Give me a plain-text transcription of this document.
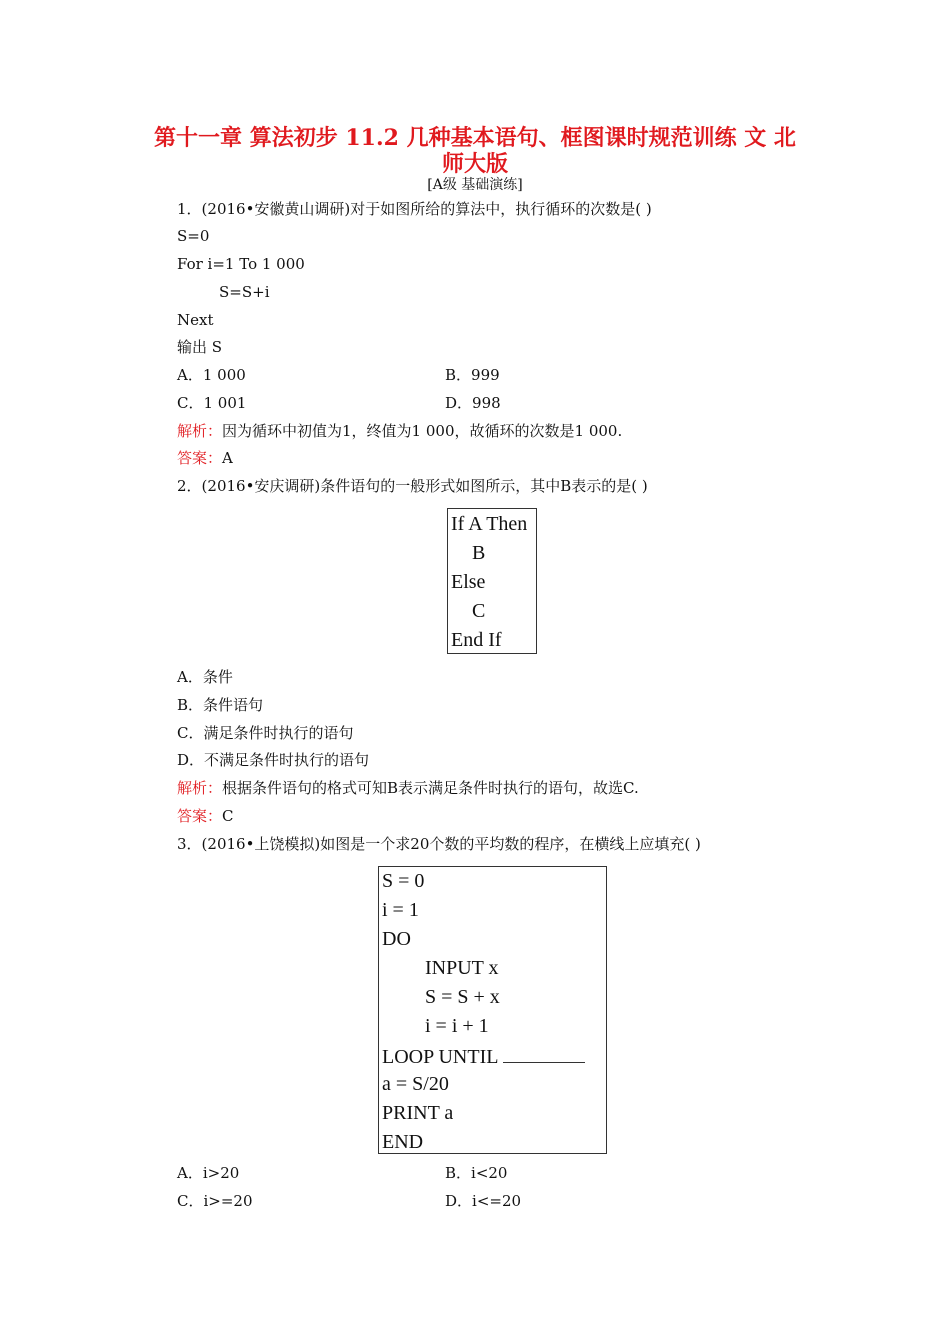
第十一章 算法初步 11.2 几种基本语句、框图课时规范训练 文 北
师大版
[A级 基础演练]
1．(2016•安徽黄山调研)对于如图所给的算法中，执行循环的次数是( )
S=0
For i=1 To 1 000
S=S+i
Next
输出 S
A．1 000	B．999
C．1 001	D．998
解析：因为循环中初值为1，终值为1 000，故循环的次数是1 000.
答案：A
2．(2016•安庆调研)条件语句的一般形式如图所示，其中B表示的是( )
If A Then
B
Else
C
End If
A．条件
B．条件语句
C．满足条件时执行的语句
D．不满足条件时执行的语句
解析：根据条件语句的格式可知B表示满足条件时执行的语句，故选C.
答案：C
3．(2016•上饶模拟)如图是一个求20个数的平均数的程序，在横线上应填充( )
S = 0
i = 1
DO
INPUT x
S = S + x
i = i + 1
LOOP UNTIL
a = S/20
PRINT a
END
A．i>20	B．i<20
C．i>=20	D．i<=20
